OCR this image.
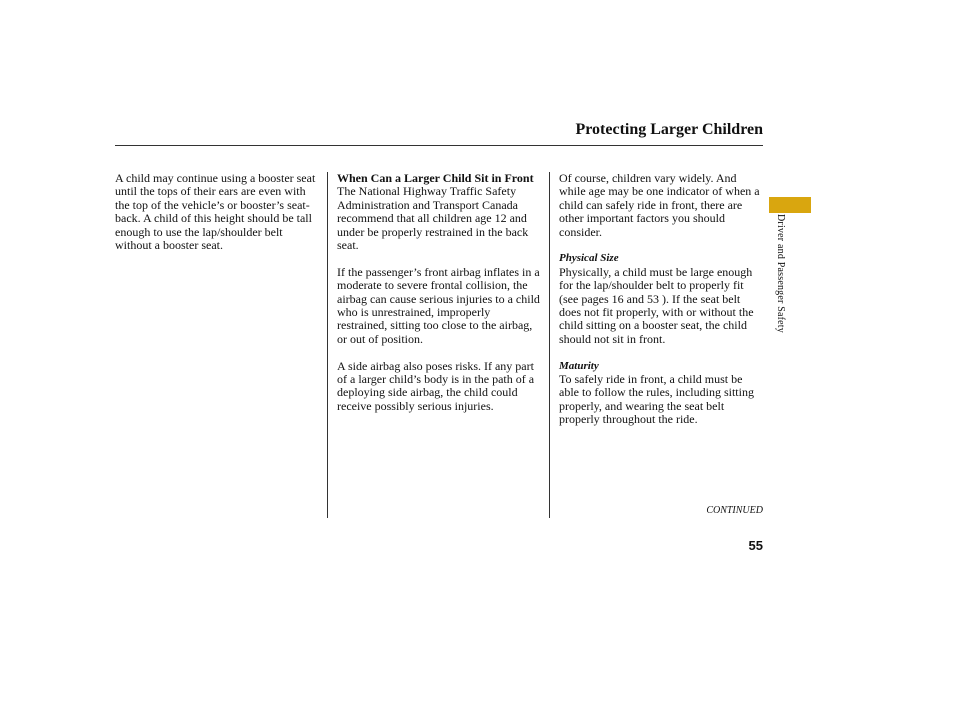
Protecting Larger Children

A child may continue using a booster seat until the tops of their ears are even with the top of the vehicle’s or booster’s seat-back. A child of this height should be tall enough to use the lap/shoulder belt without a booster seat.

When Can a Larger Child Sit in Front
The National Highway Traffic Safety Administration and Transport Canada recommend that all children age 12 and under be properly restrained in the back seat.

If the passenger’s front airbag inflates in a moderate to severe frontal collision, the airbag can cause serious injuries to a child who is unrestrained, improperly restrained, sitting too close to the airbag, or out of position.

A side airbag also poses risks. If any part of a larger child’s body is in the path of a deploying side airbag, the child could receive possibly serious injuries.

Of course, children vary widely. And while age may be one indicator of when a child can safely ride in front, there are other important factors you should consider.

Physical Size
Physically, a child must be large enough for the lap/shoulder belt to properly fit (see pages 16 and 53 ). If the seat belt does not fit properly, with or without the child sitting on a booster seat, the child should not sit in front.

Maturity
To safely ride in front, a child must be able to follow the rules, including sitting properly, and wearing the seat belt properly throughout the ride.

Driver and Passenger Safety
CONTINUED
55
